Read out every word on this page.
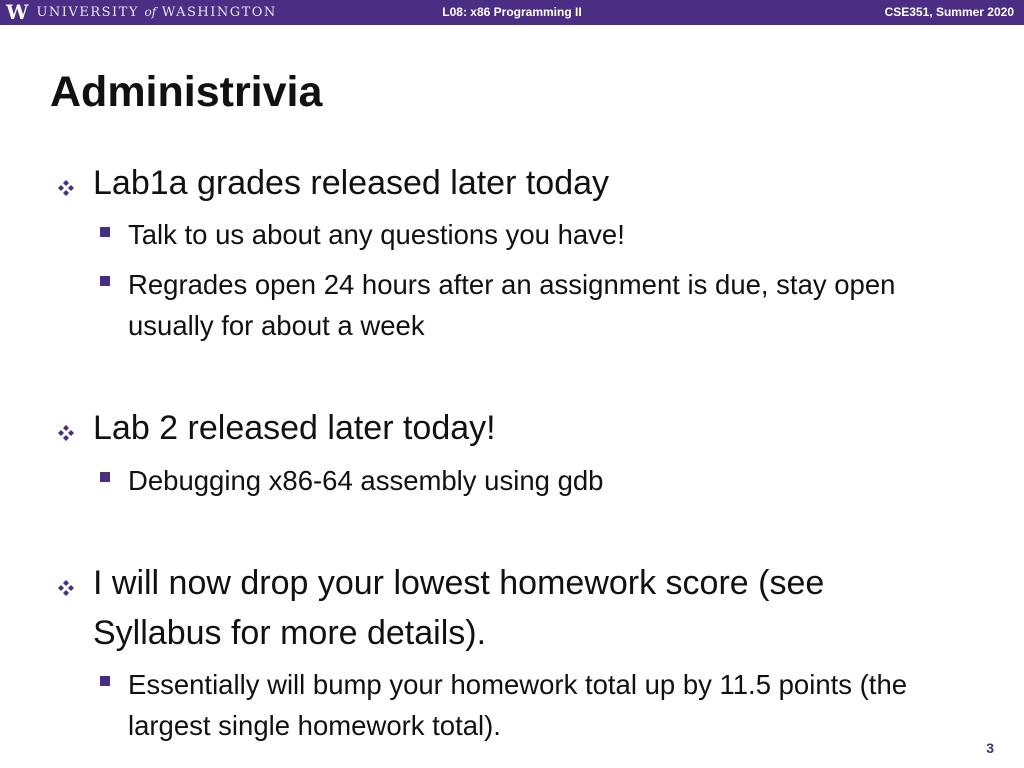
W UNIVERSITY of WASHINGTON	L08: x86 Programming II	CSE351, Summer 2020
Administrivia
Lab1a grades released later today
Talk to us about any questions you have!
Regrades open 24 hours after an assignment is due, stay open usually for about a week
Lab 2 released later today!
Debugging x86-64 assembly using gdb
I will now drop your lowest homework score (see Syllabus for more details).
Essentially will bump your homework total up by 11.5 points (the largest single homework total).
3
